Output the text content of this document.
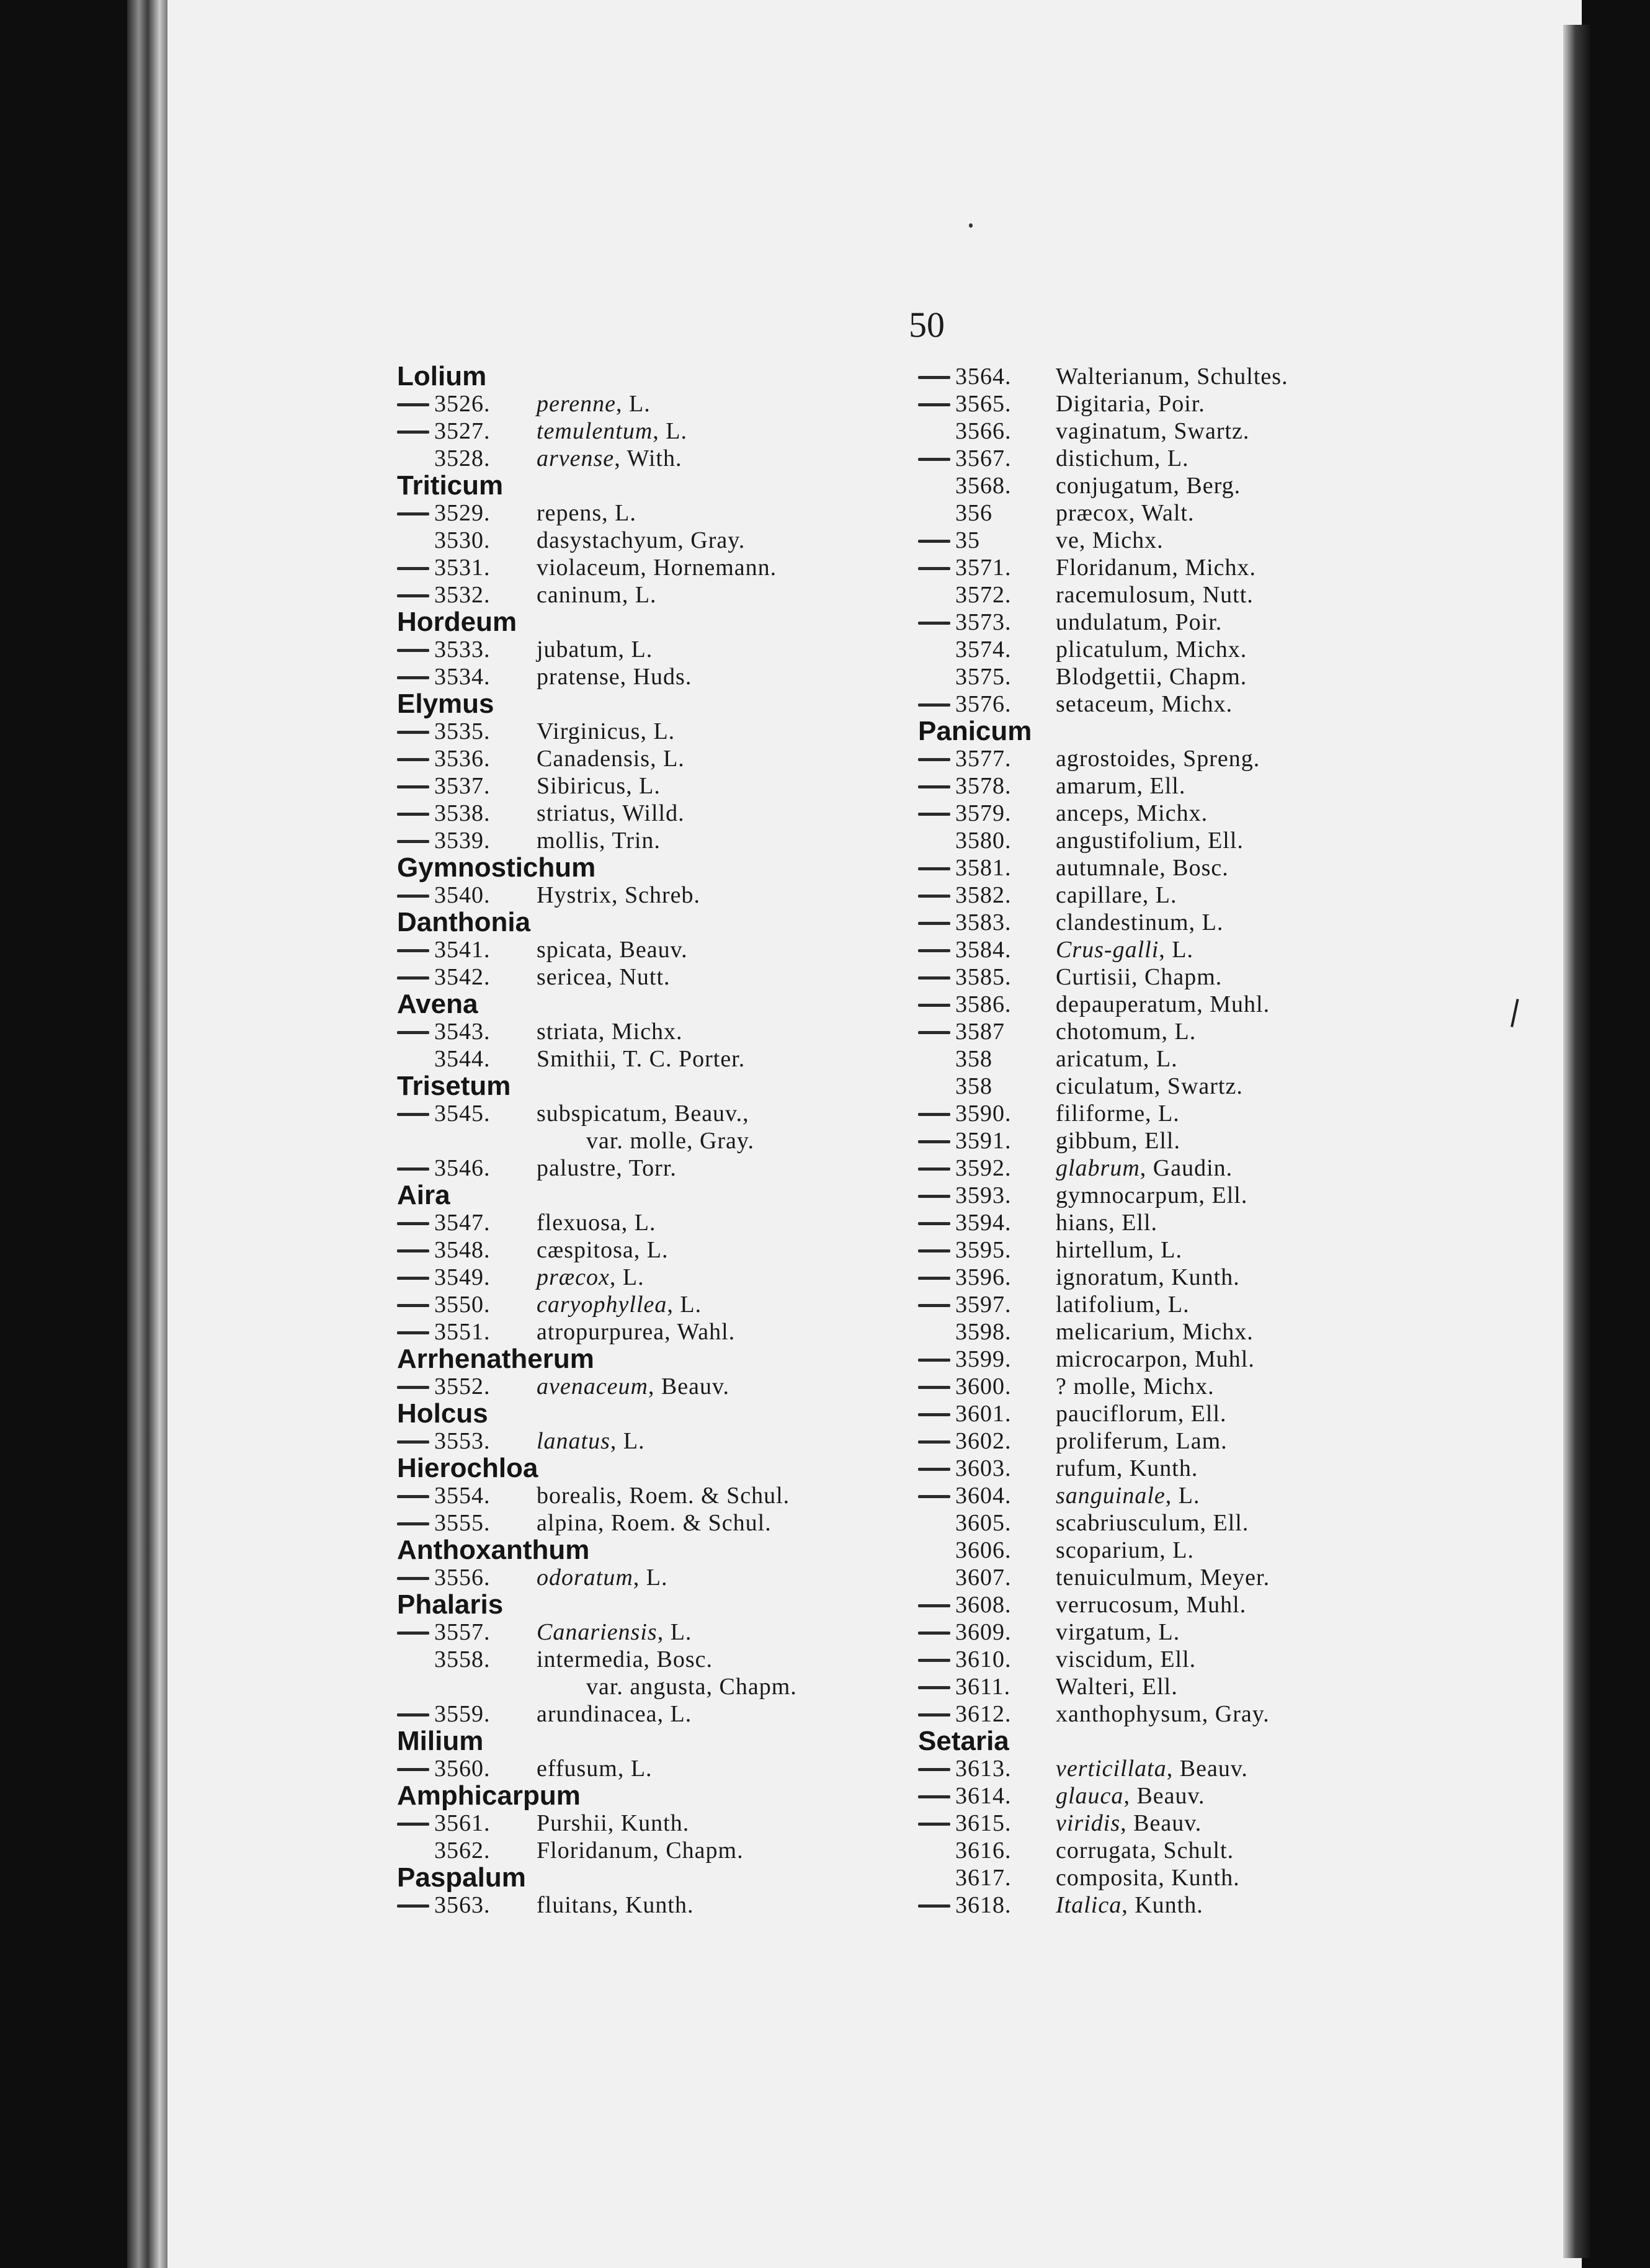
50
Lolium
3526. perenne, L.
3527. temulentum, L.
3528. arvense, With.
Triticum
3529. repens, L.
3530. dasystachyum, Gray.
3531. violaceum, Hornemann.
3532. caninum, L.
Hordeum
3533. jubatum, L.
3534. pratense, Huds.
Elymus
3535. Virginicus, L.
3536. Canadensis, L.
3537. Sibiricus, L.
3538. striatus, Willd.
3539. mollis, Trin.
Gymnostichum
3540. Hystrix, Schreb.
Danthonia
3541. spicata, Beauv.
3542. sericea, Nutt.
Avena
3543. striata, Michx.
3544. Smithii, T. C. Porter.
Trisetum
3545. subspicatum, Beauv.,
var. molle, Gray.
3546. palustre, Torr.
Aira
3547. flexuosa, L.
3548. cæspitosa, L.
3549. præcox, L.
3550. caryophyllea, L.
3551. atropurpurea, Wahl.
Arrhenatherum
3552. avenaceum, Beauv.
Holcus
3553. lanatus, L.
Hierochloa
3554. borealis, Roem. & Schul.
3555. alpina, Roem. & Schul.
Anthoxanthum
3556. odoratum, L.
Phalaris
3557. Canariensis, L.
3558. intermedia, Bosc.
var. angusta, Chapm.
3559. arundinacea, L.
Milium
3560. effusum, L.
Amphicarpum
3561. Purshii, Kunth.
3562. Floridanum, Chapm.
Paspalum
3563. fluitans, Kunth.
3564. Walterianum, Schultes.
3565. Digitaria, Poir.
3566. vaginatum, Swartz.
3567. distichum, L.
3568. conjugatum, Berg.
356	præcox, Walt.
35	ve, Michx.
3571. Floridanum, Michx.
3572. racemulosum, Nutt.
3573. undulatum, Poir.
3574. plicatulum, Michx.
3575. Blodgettii, Chapm.
3576. setaceum, Michx.
Panicum
3577. agrostoides, Spreng.
3578. amarum, Ell.
3579. anceps, Michx.
3580. angustifolium, Ell.
3581. autumnale, Bosc.
3582. capillare, L.
3583. clandestinum, L.
3584. Crus-galli, L.
3585. Curtisii, Chapm.
3586. depauperatum, Muhl.
3587 chotomum, L.
358	aricatum, L.
358	ciculatum, Swartz.
3590. filiforme, L.
3591. gibbum, Ell.
3592. glabrum, Gaudin.
3593. gymnocarpum, Ell.
3594. hians, Ell.
3595. hirtellum, L.
3596. ignoratum, Kunth.
3597. latifolium, L.
3598. melicarium, Michx.
3599. microcarpon, Muhl.
3600. ? molle, Michx.
3601. pauciflorum, Ell.
3602. proliferum, Lam.
3603. rufum, Kunth.
3604. sanguinale, L.
3605. scabriusculum, Ell.
3606. scoparium, L.
3607. tenuiculmum, Meyer.
3608. verrucosum, Muhl.
3609. virgatum, L.
3610. viscidum, Ell.
3611. Walteri, Ell.
3612. xanthophysum, Gray.
Setaria
3613. verticillata, Beauv.
3614. glauca, Beauv.
3615. viridis, Beauv.
3616. corrugata, Schult.
3617. composita, Kunth.
3618. Italica, Kunth.
